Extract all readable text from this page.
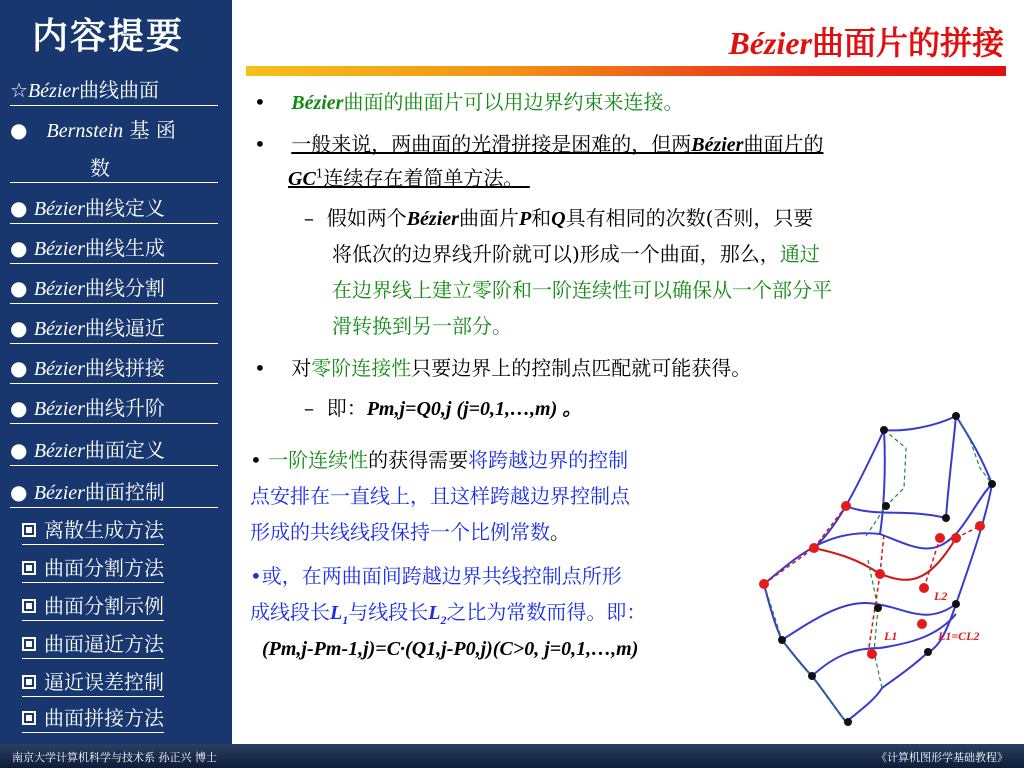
内容提要
☆Bézier曲线曲面
● Bernstein 基 函
数
● Bézier曲线定义
● Bézier曲线生成
● Bézier曲线分割
● Bézier曲线逼近
● Bézier曲线拼接
● Bézier曲线升阶
● Bézier曲面定义
● Bézier曲面控制
离散生成方法
曲面分割方法
曲面分割示例
曲面逼近方法
逼近误差控制
曲面拼接方法
Bézier曲面片的拼接
• Bézier曲面的曲面片可以用边界约束来连接。
• 一般来说，两曲面的光滑拼接是困难的，但两Bézier曲面片的
$GC^1$连续存在着简单方法。
– 假如两个Bézier曲面片P和Q具有相同的次数(否则，只要
将低次的边界线升阶就可以)形成一个曲面，那么，通过
在边界线上建立零阶和一阶连续性可以确保从一个部分平
滑转换到另一部分。
• 对零阶连接性只要边界上的控制点匹配就可能获得。
– 即：Pm,j=Q0,j (j=0,1,…,m) 。
• 一阶连续性的获得需要将跨越边界的控制
点安排在一直线上，且这样跨越边界控制点
形成的共线线段保持一个比例常数。
•或，在两曲面间跨越边界共线控制点所形
成线段长$L_1$与线段长$L_2$之比为常数而得。即：
(Pm,j-Pm-1,j)=C·(Q1,j-P0,j)(C>0, j=0,1,…,m)
L2
L1	L1=CL2
南京大学计算机科学与技术系 孙正兴 博士	《计算机图形学基础教程》
